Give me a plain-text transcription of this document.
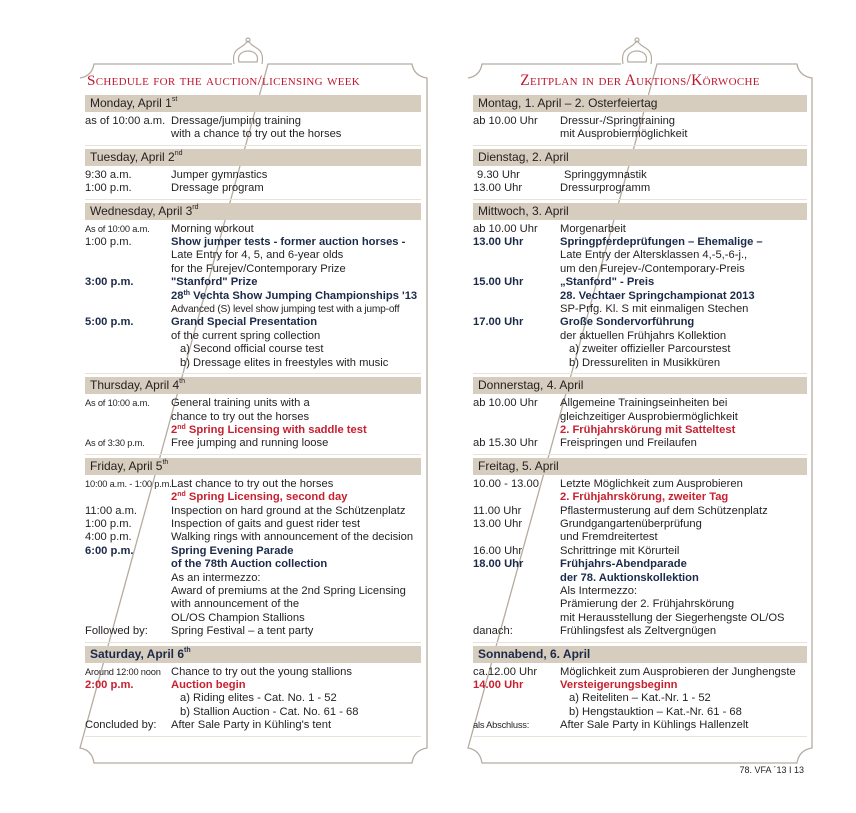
Schedule for the auction/licensing week
Monday, April 1st
as of 10:00 a.m. Dressage/jumping training
with a chance to try out the horses
Tuesday, April 2nd
9:30 a.m.	Jumper gymnastics
1:00 p.m.	Dressage program
Wednesday, April 3rd
As of 10:00 a.m.	Morning workout
1:00 p.m.	Show jumper tests - former auction horses -
Late Entry for 4, 5, and 6-year olds
for the Furejev/Contemporary Prize
3:00 p.m.	"Stanford" Prize
28th Vechta Show Jumping Championships '13
Advanced (S) level show jumping test with a jump-off
5:00 p.m.	Grand Special Presentation
of the current spring collection
a) Second official course test
b) Dressage elites in freestyles with music
Thursday, April 4th
As of 10:00 a.m.	General training units with a
chance to try out the horses
2nd Spring Licensing with saddle test
As of 3:30 p.m.	Free jumping and running loose
Friday, April 5th
10:00 a.m. - 1:00 p.m. Last chance to try out the horses
2nd Spring Licensing, second day
11:00 a.m.	Inspection on hard ground at the Schützenplatz
1:00 p.m.	Inspection of gaits and guest rider test
4:00 p.m.	Walking rings with announcement of the decision
6:00 p.m.	Spring Evening Parade
of the 78th Auction collection
As an intermezzo:
Award of premiums at the 2nd Spring Licensing
with announcement of the
OL/OS Champion Stallions
Followed by:	Spring Festival – a tent party
Saturday, April 6th
Around 12:00 noon Chance to try out the young stallions
2:00 p.m.	Auction begin
a) Riding elites - Cat. No. 1 - 52
b) Stallion Auction - Cat. No. 61 - 68
Concluded by:	After Sale Party in Kühling's tent
Zeitplan in der Auktions/Körwoche
Montag, 1. April – 2. Osterfeiertag
ab 10.00 Uhr	Dressur-/Springtraining
mit Ausprobiermöglichkeit
Dienstag, 2. April
9.30 Uhr	Springgymnastik
13.00 Uhr	Dressurprogramm
Mittwoch, 3. April
ab 10.00 Uhr	Morgenarbeit
13.00 Uhr	Springpferdeprüfungen – Ehemalige –
Late Entry der Altersklassen 4,-5,-6-j.,
um den Furejev-/Contemporary-Preis
15.00 Uhr	„Stanford" - Preis
28. Vechtaer Springchampionat 2013
SP-Prfg. Kl. S mit einmaligen Stechen
17.00 Uhr	Große Sondervorführung
der aktuellen Frühjahrs Kollektion
a) zweiter offizieller Parcourstest
b) Dressureliten in Musikküren
Donnerstag, 4. April
ab 10.00 Uhr	Allgemeine Trainingseinheiten bei
gleichzeitiger Ausprobiermöglichkeit
2. Frühjahrskörung mit Satteltest
ab 15.30 Uhr	Freispringen und Freilaufen
Freitag, 5. April
10.00 - 13.00	Letzte Möglichkeit zum Ausprobieren
2. Frühjahrskörung, zweiter Tag
11.00 Uhr	Pflastermusterung auf dem Schützenplatz
13.00 Uhr	Grundgangartenüberprüfung
und Fremdreitertest
16.00 Uhr	Schrittringe mit Körurteil
18.00 Uhr	Frühjahrs-Abendparade
der 78. Auktionskollektion
Als Intermezzo:
Prämierung der 2. Frühjahrskörung
mit Herausstellung der Siegerhengste OL/OS
danach:	Frühlingsfest als Zeltvergnügen
Sonnabend, 6. April
ca.12.00 Uhr	Möglichkeit zum Ausprobieren der Junghengste
14.00 Uhr	Versteigerungsbeginn
a) Reiteliten – Kat.-Nr. 1 - 52
b) Hengstauktion – Kat.-Nr. 61 - 68
als Abschluss:	After Sale Party in Kühlings Hallenzelt
78. VFA ´13 I 13
